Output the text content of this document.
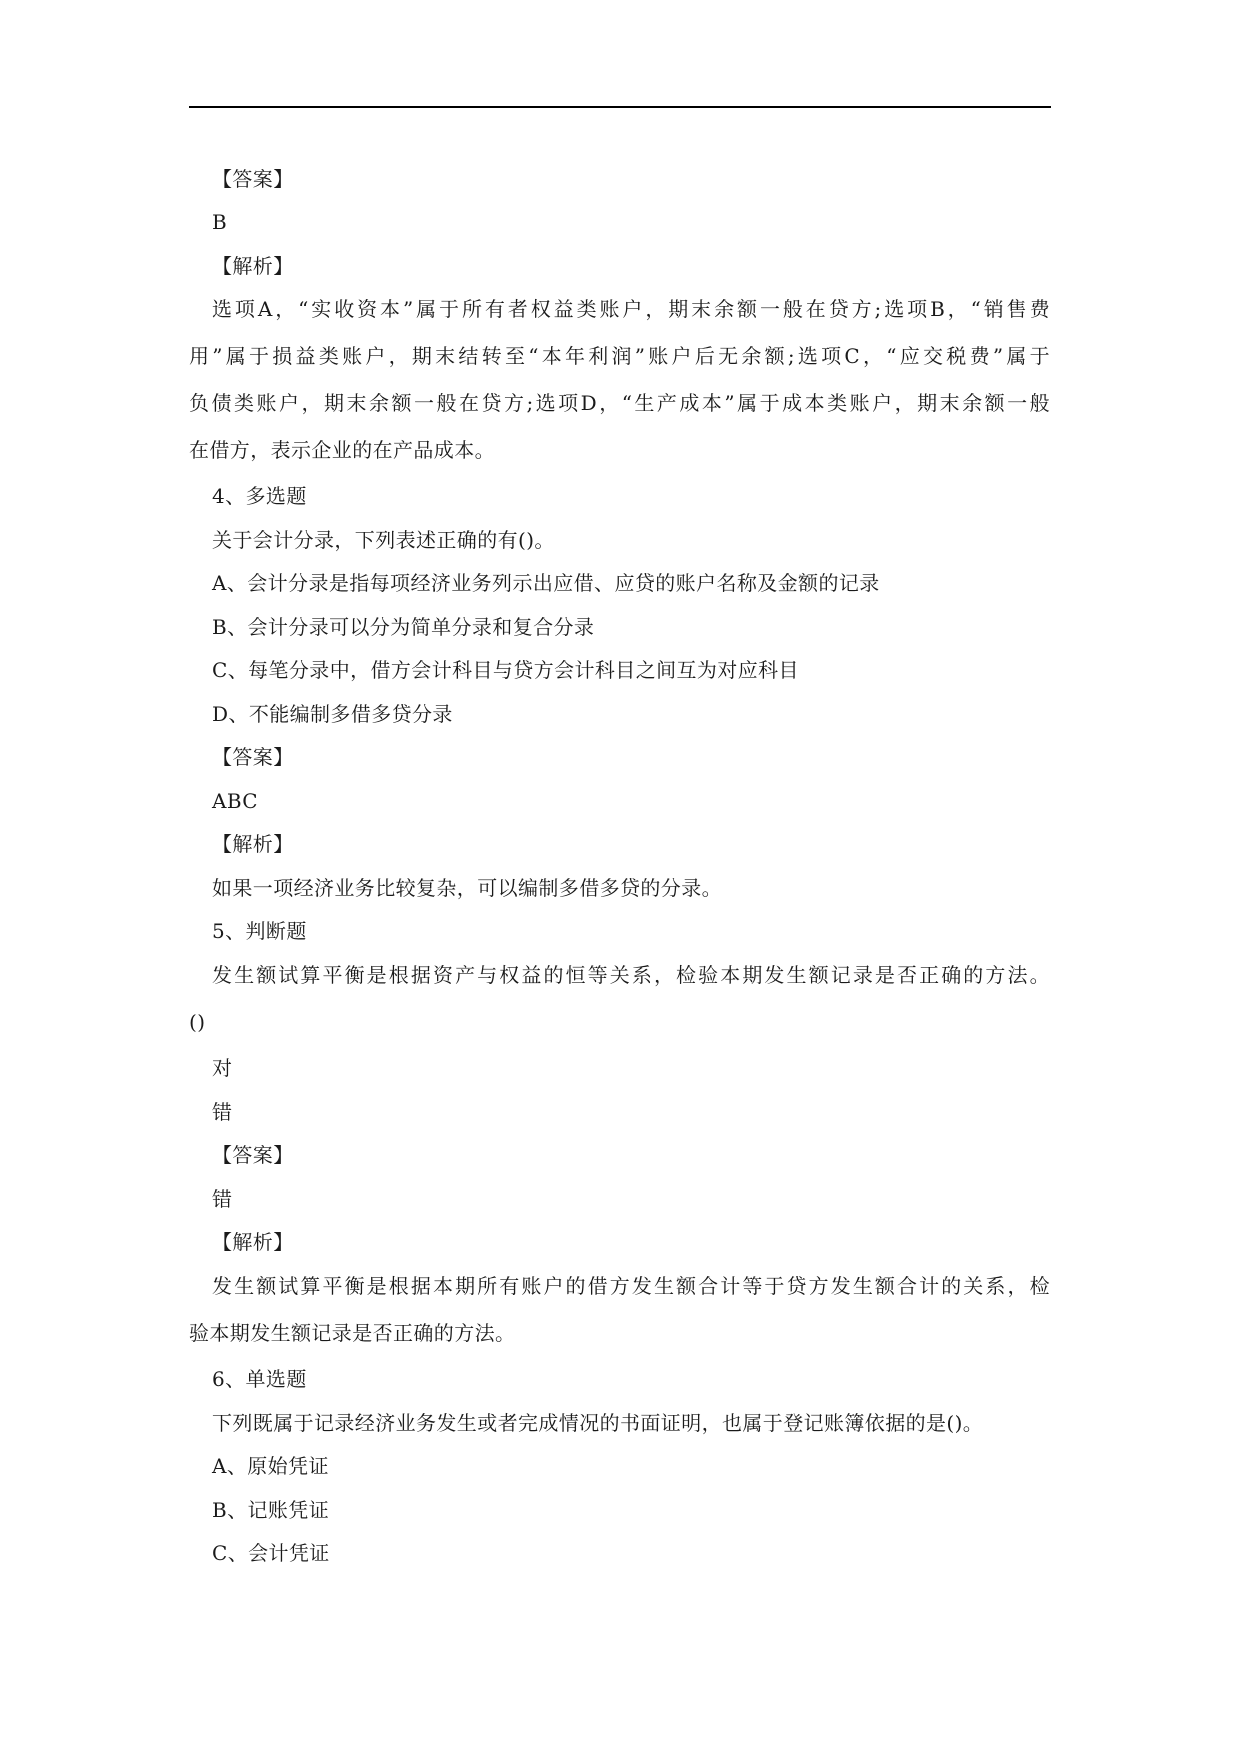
【答案】
B
【解析】
选项A，“实收资本”属于所有者权益类账户，期末余额一般在贷方;选项B，“销售费
用”属于损益类账户，期末结转至“本年利润”账户后无余额;选项C，“应交税费”属于
负债类账户，期末余额一般在贷方;选项D，“生产成本”属于成本类账户，期末余额一般
在借方，表示企业的在产品成本。
4、多选题
关于会计分录，下列表述正确的有()。
A、会计分录是指每项经济业务列示出应借、应贷的账户名称及金额的记录
B、会计分录可以分为简单分录和复合分录
C、每笔分录中，借方会计科目与贷方会计科目之间互为对应科目
D、不能编制多借多贷分录
【答案】
ABC
【解析】
如果一项经济业务比较复杂，可以编制多借多贷的分录。
5、判断题
发生额试算平衡是根据资产与权益的恒等关系，检验本期发生额记录是否正确的方法。
()
对
错
【答案】
错
【解析】
发生额试算平衡是根据本期所有账户的借方发生额合计等于贷方发生额合计的关系，检
验本期发生额记录是否正确的方法。
6、单选题
下列既属于记录经济业务发生或者完成情况的书面证明，也属于登记账簿依据的是()。
A、原始凭证
B、记账凭证
C、会计凭证
